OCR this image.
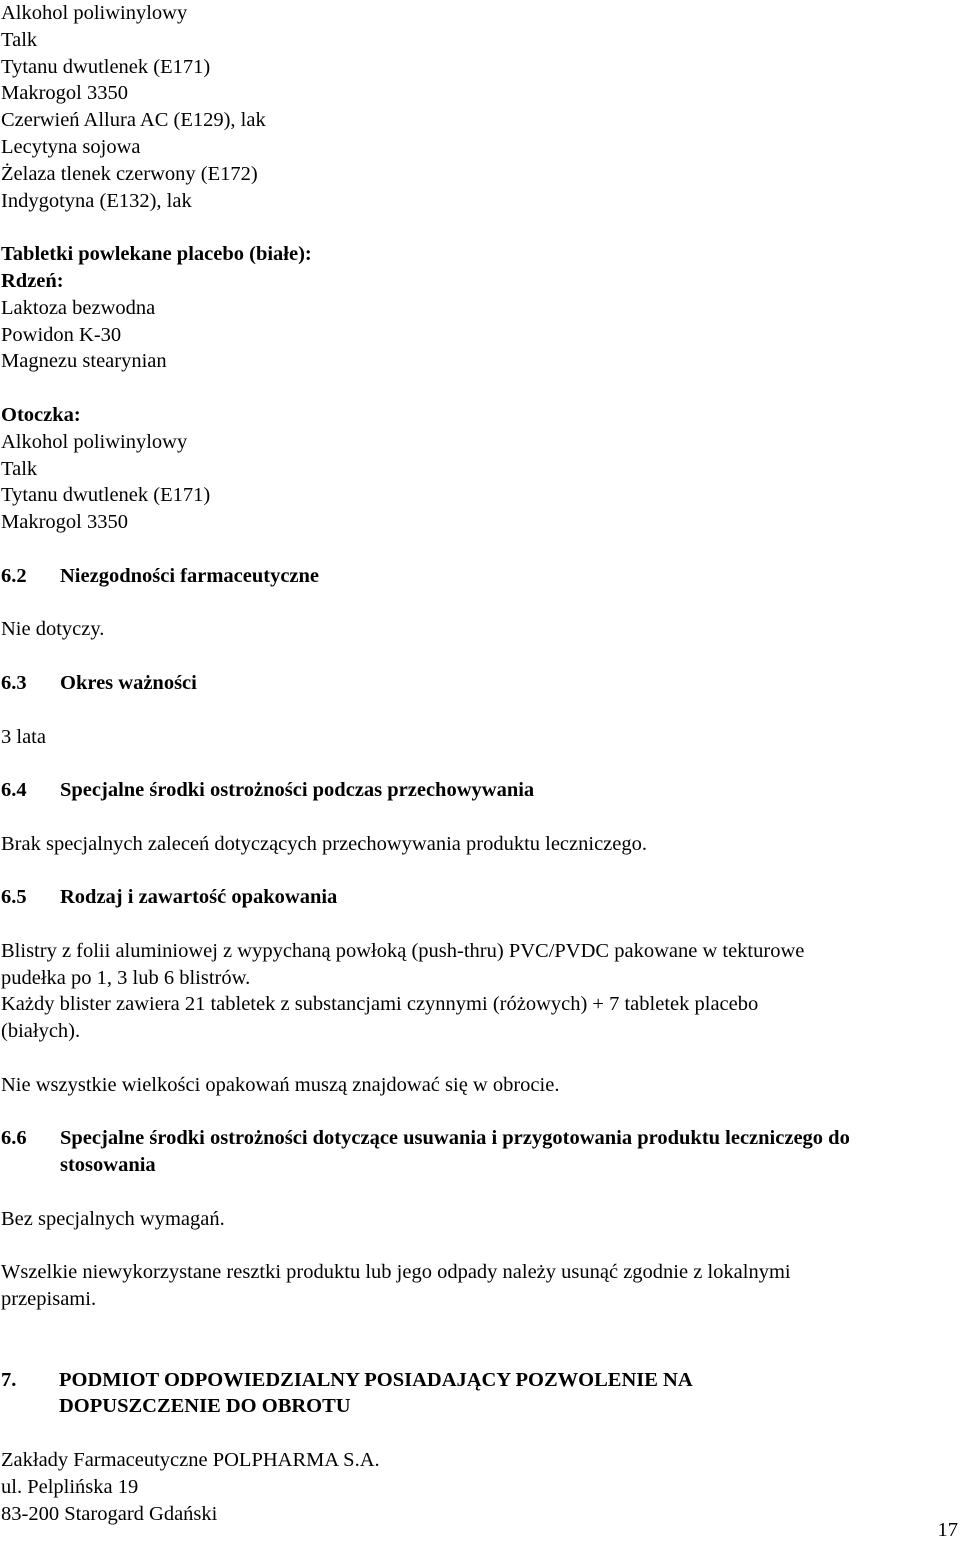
Alkohol poliwinylowy
Talk
Tytanu dwutlenek (E171)
Makrogol 3350
Czerwień Allura AC (E129), lak
Lecytyna sojowa
Żelaza tlenek czerwony (E172)
Indygotyna (E132), lak
Tabletki powlekane placebo (białe):
Rdzeń:
Laktoza bezwodna
Powidon K-30
Magnezu stearynian
Otoczka:
Alkohol poliwinylowy
Talk
Tytanu dwutlenek (E171)
Makrogol 3350
6.2	Niezgodności farmaceutyczne
Nie dotyczy.
6.3	Okres ważności
3 lata
6.4	Specjalne środki ostrożności podczas przechowywania
Brak specjalnych zaleceń dotyczących przechowywania produktu leczniczego.
6.5	Rodzaj i zawartość opakowania
Blistry z folii aluminiowej z wypychaną powłoką (push-thru) PVC/PVDC pakowane w tekturowe
pudełka po 1, 3 lub 6 blistrów.
Każdy blister zawiera 21 tabletek z substancjami czynnymi (różowych) + 7 tabletek placebo
(białych).
Nie wszystkie wielkości opakowań muszą znajdować się w obrocie.
6.6	Specjalne środki ostrożności dotyczące usuwania i przygotowania produktu leczniczego do
stosowania
Bez specjalnych wymagań.
Wszelkie niewykorzystane resztki produktu lub jego odpady należy usunąć zgodnie z lokalnymi
przepisami.
7.	PODMIOT ODPOWIEDZIALNY POSIADAJĄCY POZWOLENIE NA
DOPUSZCZENIE DO OBROTU
Zakłady Farmaceutyczne POLPHARMA S.A.
ul. Pelplińska 19
83-200 Starogard Gdański
17
